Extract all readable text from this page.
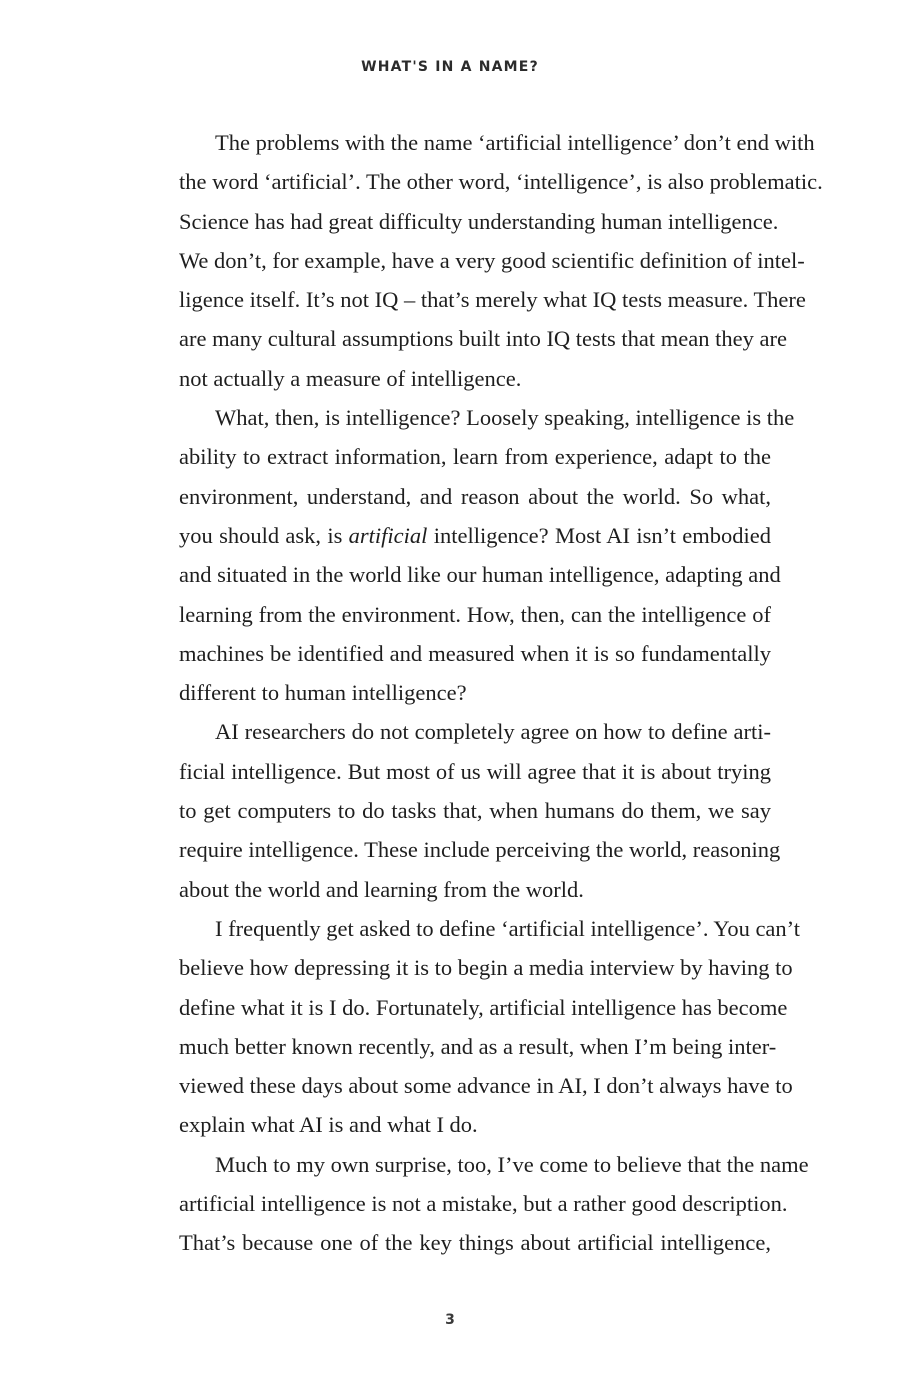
WHAT'S IN A NAME?
The problems with the name ‘artificial intelligence’ don’t end with
the word ‘artificial’. The other word, ‘intelligence’, is also problematic.
Science has had great difficulty understanding human intelligence.
We don’t, for example, have a very good scientific definition of intel-
ligence itself. It’s not IQ – that’s merely what IQ tests measure. There
are many cultural assumptions built into IQ tests that mean they are
not actually a measure of intelligence.
What, then, is intelligence? Loosely speaking, intelligence is the
ability to extract information, learn from experience, adapt to the
environment, understand, and reason about the world. So what,
you should ask, is artificial intelligence? Most AI isn’t embodied
and situated in the world like our human intelligence, adapting and
learning from the environment. How, then, can the intelligence of
machines be identified and measured when it is so fundamentally
different to human intelligence?
AI researchers do not completely agree on how to define arti-
ficial intelligence. But most of us will agree that it is about trying
to get computers to do tasks that, when humans do them, we say
require intelligence. These include perceiving the world, reasoning
about the world and learning from the world.
I frequently get asked to define ‘artificial intelligence’. You can’t
believe how depressing it is to begin a media interview by having to
define what it is I do. Fortunately, artificial intelligence has become
much better known recently, and as a result, when I’m being inter-
viewed these days about some advance in AI, I don’t always have to
explain what AI is and what I do.
Much to my own surprise, too, I’ve come to believe that the name
artificial intelligence is not a mistake, but a rather good description.
That’s because one of the key things about artificial intelligence,
3
